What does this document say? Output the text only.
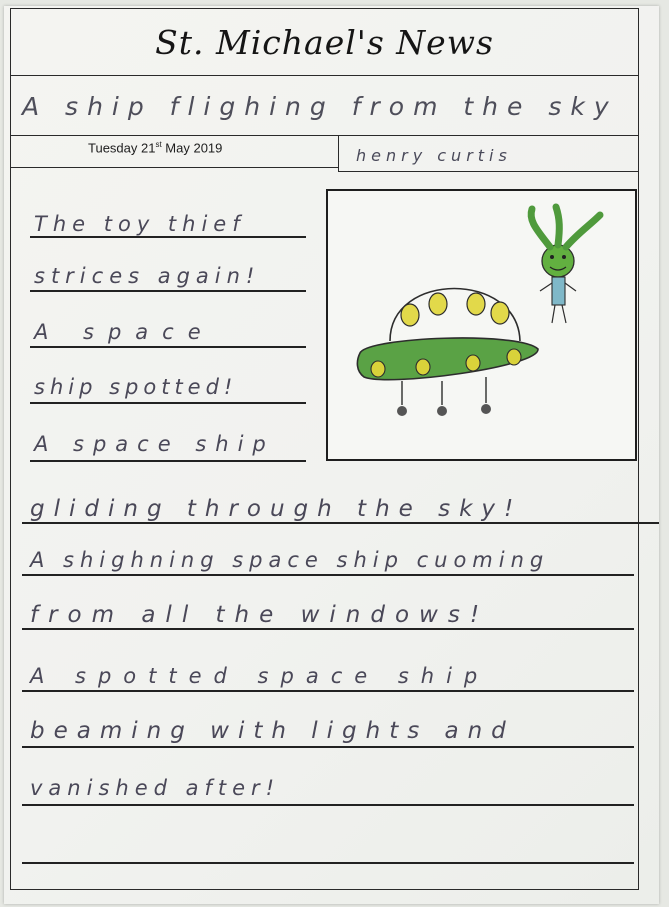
St. Michael's News
A ship flighing from the sky
Tuesday 21st May 2019	henry curtis
The toy thief
strices again!
A space
ship spotted!
A space ship
gliding through the sky!
A shighning space ship cuoming
from all the windows!
A spotted space ship
beaming with lights and
vanished after!
